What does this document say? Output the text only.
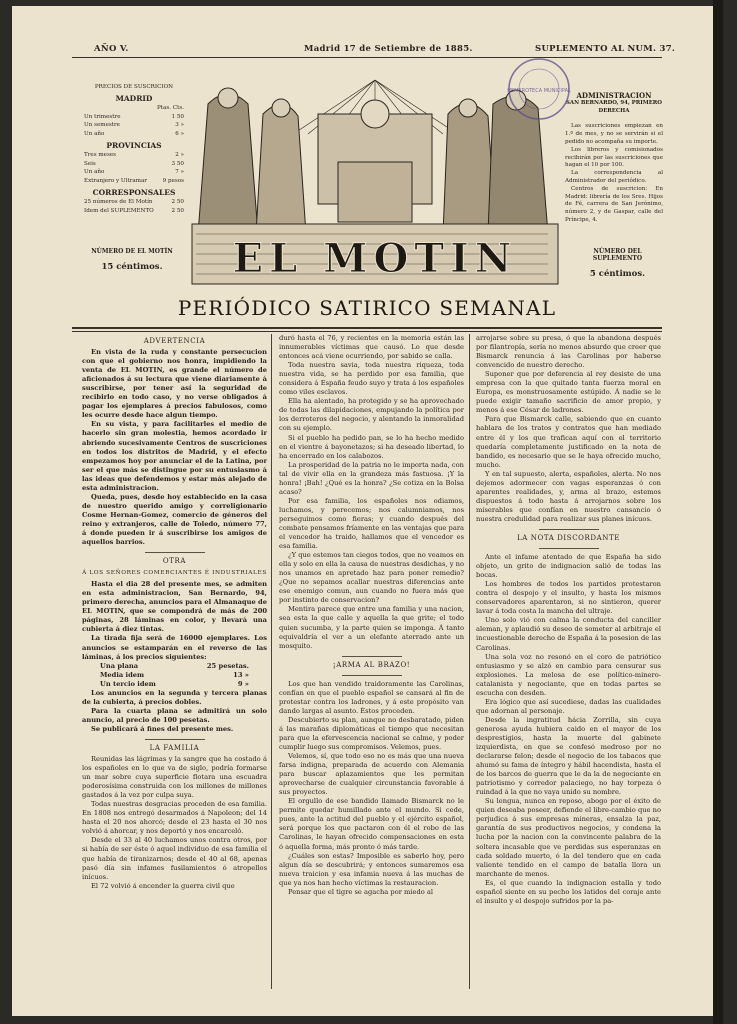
AÑO V.	Madrid 17 de Setiembre de 1885.	SUPLEMENTO AL NUM. 37.
PRECIOS DE SUSCRICION
MADRID
Ptas. Cts.
Un trimestre	1 50
Un semestre	3 »
Un año	6 »
PROVINCIAS
Tres meses	2 »
Seis	3 50
Un año	7 »
Extranjero y Ultramar	9 pesos
CORRESPONSALES
25 números de El Motín	2 50
Idem del SUPLEMENTO	2 50
NÚMERO DE EL MOTÍN
15 céntimos.
ADMINISTRACION
SAN BERNARDO, 94, PRIMERO DERECHA
Las suscriciones empiezan en 1.º de mes, y no se servirán si el pedido no acompaña su importe.
Los libreros y comisionados recibirán por las suscriciones que hagan el 10 por 100.
La correspondencia al Administrador del periódico.
Centros de suscricion: En Madrid: librería de los Sres. Hijos de Fé, carrera de San Jerónimo, número 2, y de Gaspar, calle del Príncipe, 4.
NÚMERO DEL SUPLEMENTO
5 céntimos.
EL MOTIN
HEMEROTECA MUNICIPAL
PERIÓDICO SATIRICO SEMANAL
ADVERTENCIA

En vista de la ruda y constante persecucion con que el gobierno nos honra, impidiendo la venta de EL MOTIN, es grande el número de aficionados á su lectura que viene diariamente á suscribirse, por tener así la seguridad de recibirlo en todo caso, y no verse obligados á pagar los ejemplares á precios fabulosos, como les ocurre desde hace algun tiempo.

En su vista, y para facilitarles el medio de hacerlo sin gran molestia, hemos acordado ir abriendo sucesivamente Centros de suscriciones en todos los distritos de Madrid, y el efecto empezamos hoy por anunciar el de la Latina, por ser el que más se distingue por su entusiasmo á las ideas que defendemos y estar más alejado de esta administracion.

Queda, pues, desde hoy establecido en la casa de nuestro querido amigo y correligionario Cosme Hernan-Gomez, comercio de géneros del reino y extranjeros, calle de Toledo, número 77, á donde pueden ir á suscribirse los amigos de aquellos barrios.

OTRA
Á LOS SEÑORES COMERCIANTES É INDUSTRIALES

Hasta el dia 28 del presente mes, se admiten en esta administracion, San Bernardo, 94, primero derecha, anuncios para el Almanaque de EL MOTIN, que se compondrá de más de 200 páginas, 28 láminas en color, y llevará una cubierta á diez tintas.

La tirada fija será de 16000 ejemplares. Los anuncios se estamparán en el reverso de las láminas, á los precios siguientes:

Una plana	25 pesetas.

Media idem	13 »

Un tercio idem	9 »

Los anuncios en la segunda y tercera planas de la cubierta, á precios dobles.

Para la cuarta plana se admitirá un solo anuncio, al precio de 100 pesetas.

Se publicará á fines del presente mes.

LA FAMILIA

Reunidas las lágrimas y la sangre que ha costado á los españoles en lo que va de siglo, podría formarse un mar sobre cuya superficie flotara una escuadra poderosísima construida con los millones de millones gastados á la vez por culpa suya.

Todas nuestras desgracias proceden de esa familia. En 1808 nos entregó desarmados á Napoleon; del 14 hasta el 20 nos ahorcó; desde el 23 hasta el 30 nos volvió á ahorcar, y nos deportó y nos encarceló.

Desde el 33 al 40 luchamos unos contra otros, por si había de ser éste ó aquel individuo de esa familia el que había de tiranizarnos; desde el 40 al 68, apenas pasó día sin infames fusilamientos ó atropellos inícuos.

El 72 volvió á encender la guerra civil que

duró hasta el 76, y recientes en la memoria están las innumerables víctimas que causó. Lo que desde entonces acá viene ocurriendo, por sabido se calla.

Toda nuestra savia, toda nuestra riqueza, toda nuestra vida, se ha perdido por esa familia, que considera á España feudo suyo y trata á los españoles como viles esclavos.

Ella ha alentado, ha protegido y se ha aprovechado de todas las dilapidaciones, empujando la política por los derroteros del negocio, y alentando la inmoralidad con su ejemplo.

Si el pueblo ha pedido pan, se lo ha hecho medido en el vientre á bayonetazos; si ha deseado libertad, lo ha encerrado en los calabozos.

La prosperidad de la patria no le importa nada, con tal de vivir ella en la grandeza más fastuosa. ¡Y la honra! ¡Bah! ¿Qué es la honra? ¿Se cotiza en la Bolsa acaso?

Por esa familia, los españoles nos odiamos, luchamos, y perecemos; nos calumniamos, nos perseguimos como fieras; y cuando después del combate pensamos fríamente en las ventajas que para el vencedor ha traido, hallamos que el vencedor es esa familia.

¿Y que estemos tan ciegos todos, que no veamos en ella y solo en ella la causa de nuestras desdichas, y no nos unamos en apretado haz para poner remedio? ¿Que no sepamos acallar nuestras diferencias ante ese enemigo comun, aun cuando no fuera más que por instinto de conservacion?

Mentira parece que entre una familia y una nacion, sea esta la que calle y aquella la que grite; el todo quien sucumba, y la parte quien se imponga. Á tanto equivaldría el ver a un elefante aterrado ante un mosquito.

¡ARMA AL BRAZO!

Los que han vendido traidoramente las Carolinas, confían en que el pueblo español se cansará al fin de protestar contra los ladrones, y á este propósito van dando largas al asunto. Éstos proceden.

Descubierto su plan, aunque no desbaratado, piden á las marañas diplomáticas el tiempo que necesitan para que la efervescencia nacional se calme, y poder cumplir luego sus compromisos. Velemos, pues.

Velemos, sí, que todo eso no es más que una nueva farsa indigna, preparada de acuerdo con Alemania para buscar aplazamientos que les permitan aprovecharse de cualquier circunstancia favorable á sus proyectos.

El orgullo de ese bandido llamado Bismarck no le permite quedar humillado ante el mundo. Si cede, pues, ante la actitud del pueblo y el ejército español, será porque los que pactaron con él el robo de las Carolinas, le hayan ofrecido compensaciones en esta ó aquella forma, más pronto ó más tarde.

¿Cuáles son estas? Imposible es saberlo hoy, pero algun día se descubrirá; y entonces sumaremos esa nueva traicion y esa infamia nueva á las muchas de que ya nos han hecho víctimas la restauracion.

Pensar que el tigre se agacha por miedo al

arrojarse sobre su presa, ó que la abandona después por filantropía, sería no menos absurdo que creer que Bismarck renuncia á las Carolinas por haberse convencido de nuestro derecho.

Suponer que por deferencia al rey desiste de una empresa con la que quitado tanta fuerza moral en Europa, es monstruosamente estúpido. Á nadie se le puede exigir tamaño sacrificio de amor propio, y menos á ese César de ladrones.

Para que Bismarck calle, sabiendo que en cuanto hablara de los tratos y contratos que han mediado entre él y los que trafican aquí con el territorio quedaría completamente justificado en la nota de bandido, es necesario que se le haya ofrecido mucho, mucho.

Y en tal supuesto, alerta, españoles, alerta. No nos dejemos adormecer con vagas esperanzas ó con aparentes realidades, y, arma al brazo, estemos dispuestos á todo hasta á arrojarnos sobre los miserables que confían en nuestro cansancio ó nuestra credulidad para realizar sus planes inícuos.

LA NOTA DISCORDANTE

Ante el infame atentado de que España ha sido objeto, un grito de indignacion salió de todas las bocas.

Los hombres de todos los partidos protestaron contra el despojo y el insulto, y hasta los mismos conservadores aparentaron, si no sintieron, querer lavar á toda costa la mancha del ultraje.

Uno solo vió con calma la conducta del canciller aleman, y aplaudió su deseo de someter al arbitraje el incuestionable derecho de España á la posesion de las Carolinas.

Una sola voz no resonó en el coro de patriótico entusiasmo y se alzó en cambio para censurar sus explosiones. La melosa de ese político-minero-catalanista y negociante, que en todas partes se escucha con desden.

Era lógico que así sucediese, dadas las cualidades que adornan al personaje.

Desde la ingratitud hácia Zorrilla, sin cuya generosa ayuda hubiera caido en el mayor de los desprestigios, hasta la muerte del gabinete izquierdista, en que se confesó medroso por no declararse felon; desde el negocio de los tabacos que ahumó su fama de íntegro y hábil hacendista, hasta el de los barcos de guerra que le da la de negociante en patriotismo y corredor palaciego, no hay torpeza ó ruindad á la que no vaya unido su nombre.

Su lengua, nunca en reposo, abogo por el éxito de quien deseaba poseer, defiende el libre-cambio que no perjudica á sus empresas mineras, ensalza la paz, garantía de sus productivos negocios, y condena la lucha por la nacion con la convincente palabra de la soltera incasable que ve perdidas sus esperanzas en cada soldado muerto, ó la del tendero que en cada valiente tendido en el campo de batalla llora un marchante de menos.

Es, el que cuando la indignacion estalla y todo español siente en su pecho los latidos del coraje ante el insulto y el despojo sufridos por la pa-
